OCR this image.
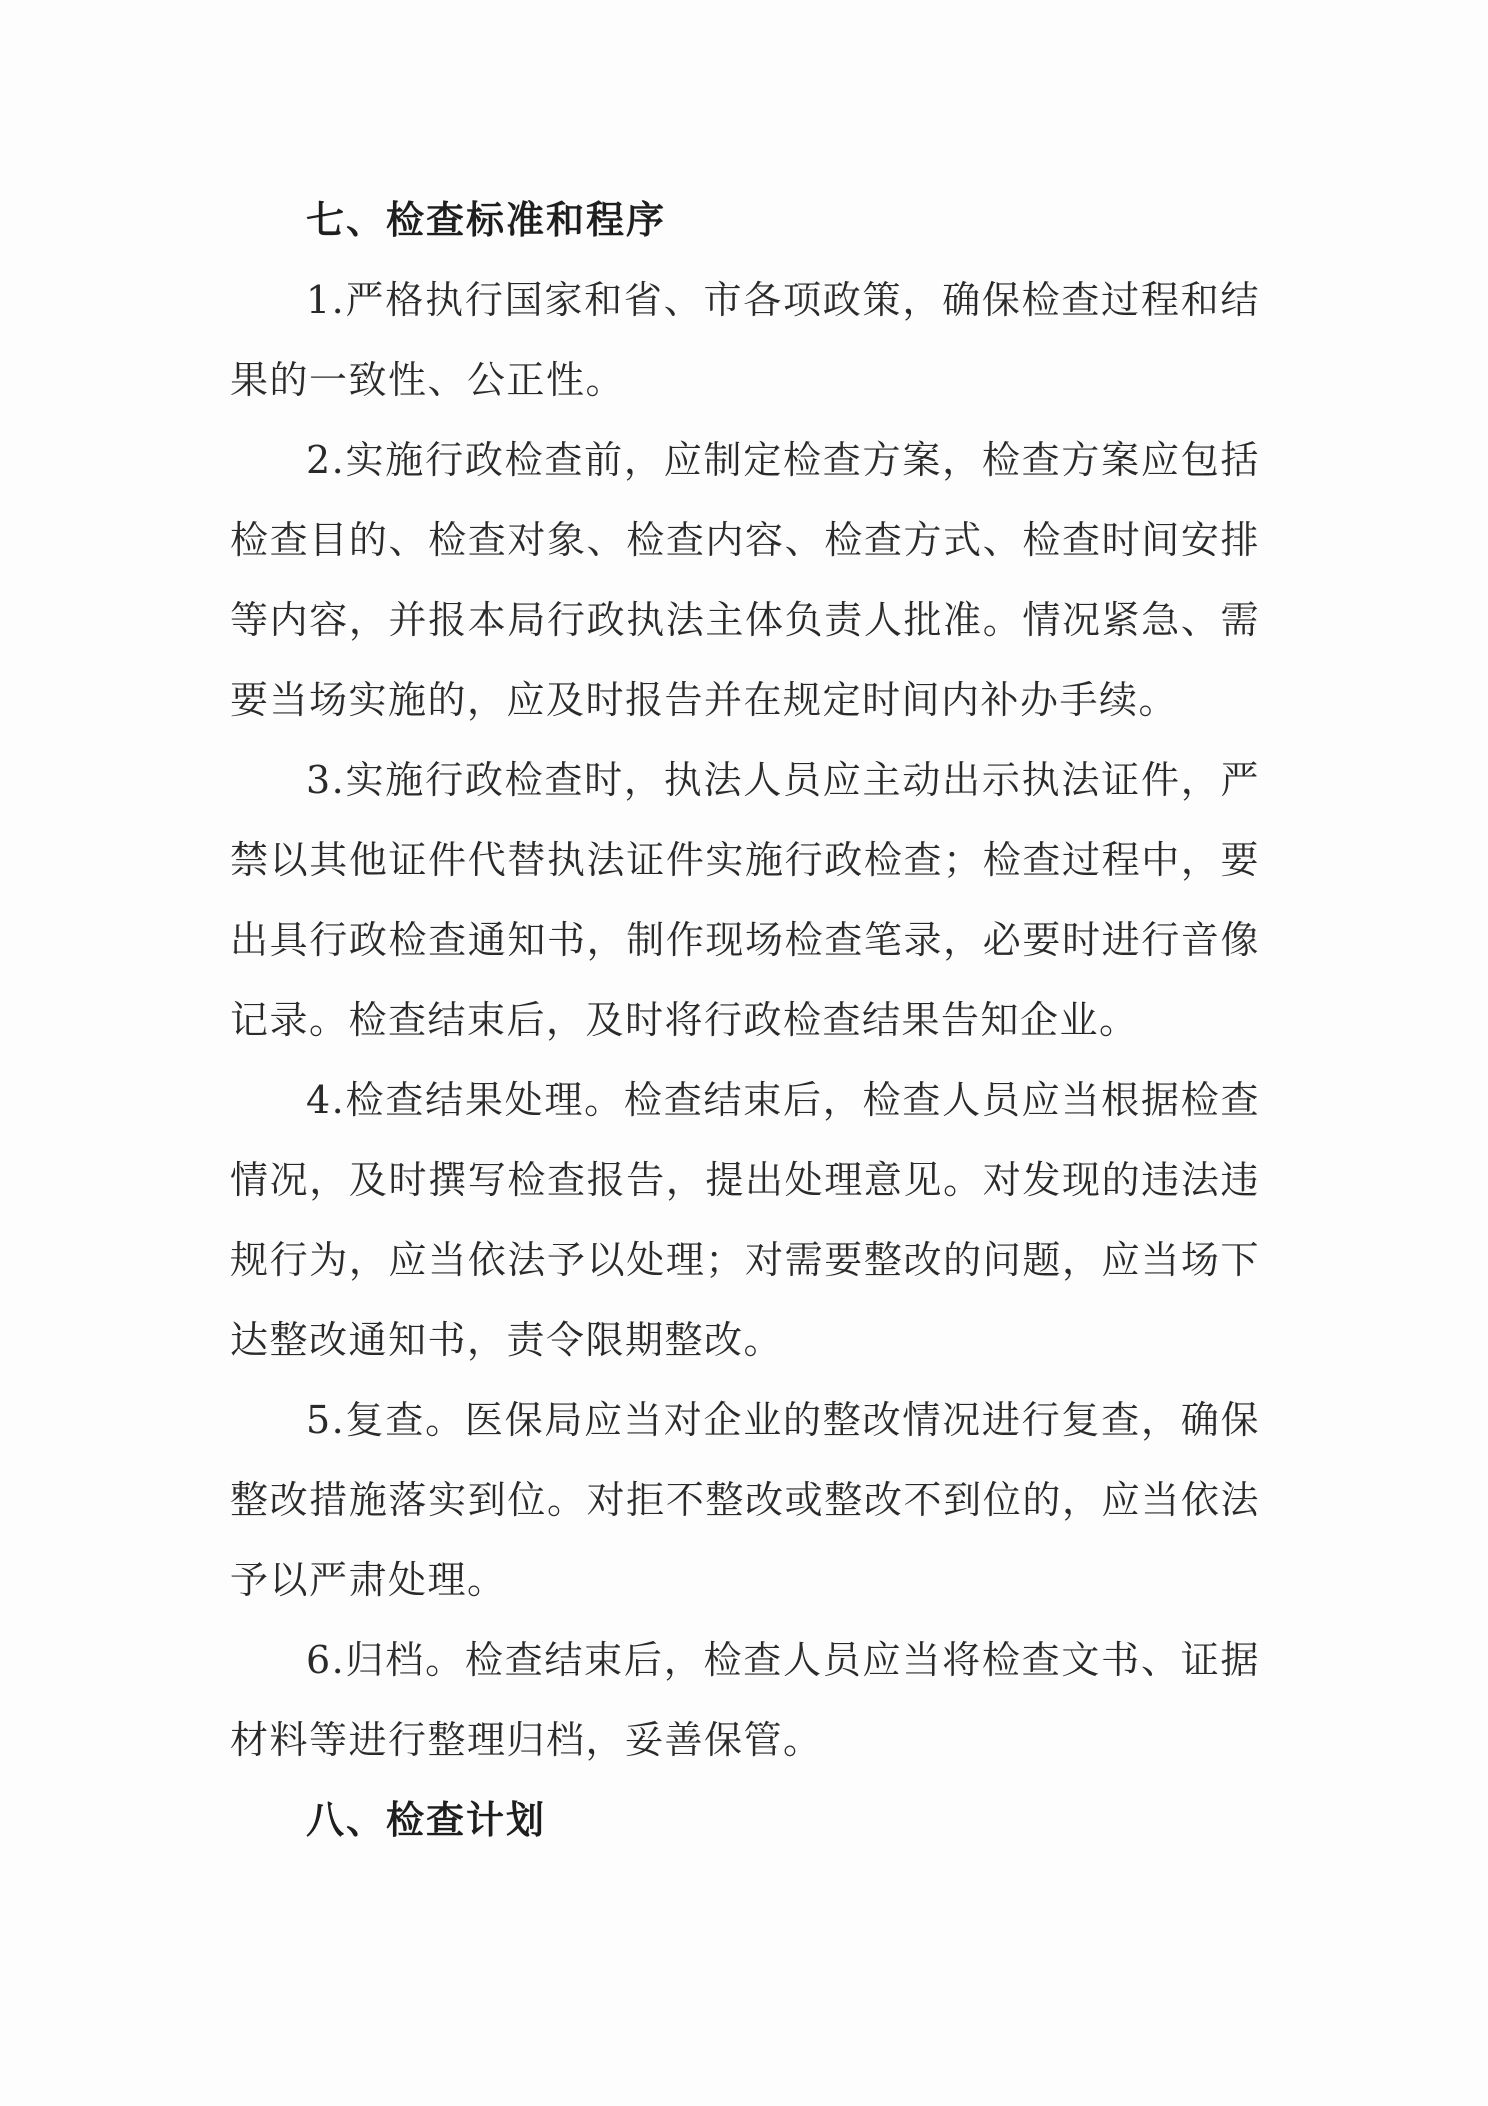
七、检查标准和程序

1.严格执行国家和省、市各项政策，确保检查过程和结果的一致性、公正性。

2.实施行政检查前，应制定检查方案，检查方案应包括检查目的、检查对象、检查内容、检查方式、检查时间安排等内容，并报本局行政执法主体负责人批准。情况紧急、需要当场实施的，应及时报告并在规定时间内补办手续。

3.实施行政检查时，执法人员应主动出示执法证件，严禁以其他证件代替执法证件实施行政检查；检查过程中，要出具行政检查通知书，制作现场检查笔录，必要时进行音像记录。检查结束后，及时将行政检查结果告知企业。

4.检查结果处理。检查结束后，检查人员应当根据检查情况，及时撰写检查报告，提出处理意见。对发现的违法违规行为，应当依法予以处理；对需要整改的问题，应当场下达整改通知书，责令限期整改。

5.复查。医保局应当对企业的整改情况进行复查，确保整改措施落实到位。对拒不整改或整改不到位的，应当依法予以严肃处理。

6.归档。检查结束后，检查人员应当将检查文书、证据材料等进行整理归档，妥善保管。

八、检查计划
